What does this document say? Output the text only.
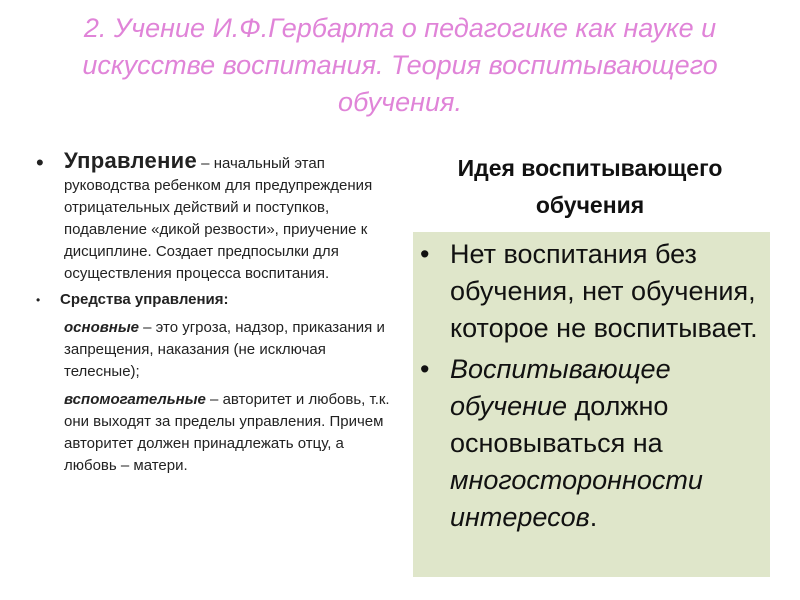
2. Учение И.Ф.Гербарта о педагогике как науке и искусстве воспитания. Теория воспитывающего обучения.
• Управление – начальный этап руководства ребенком для предупреждения отрицательных действий и поступков, подавление «дикой резвости», приучение к дисциплине. Создает предпосылки для осуществления процесса воспитания.
•	Средства управления:
основные – это угроза, надзор, приказания и запрещения, наказания (не исключая телесные);
вспомогательные – авторитет и любовь, т.к. они выходят за пределы управления. Причем авторитет должен принадлежать отцу, а любовь – матери.
Идея воспитывающего обучения
• Нет воспитания без обучения, нет обучения, которое не воспитывает.
• Воспитывающее обучение должно основываться на многосторонности интересов.
